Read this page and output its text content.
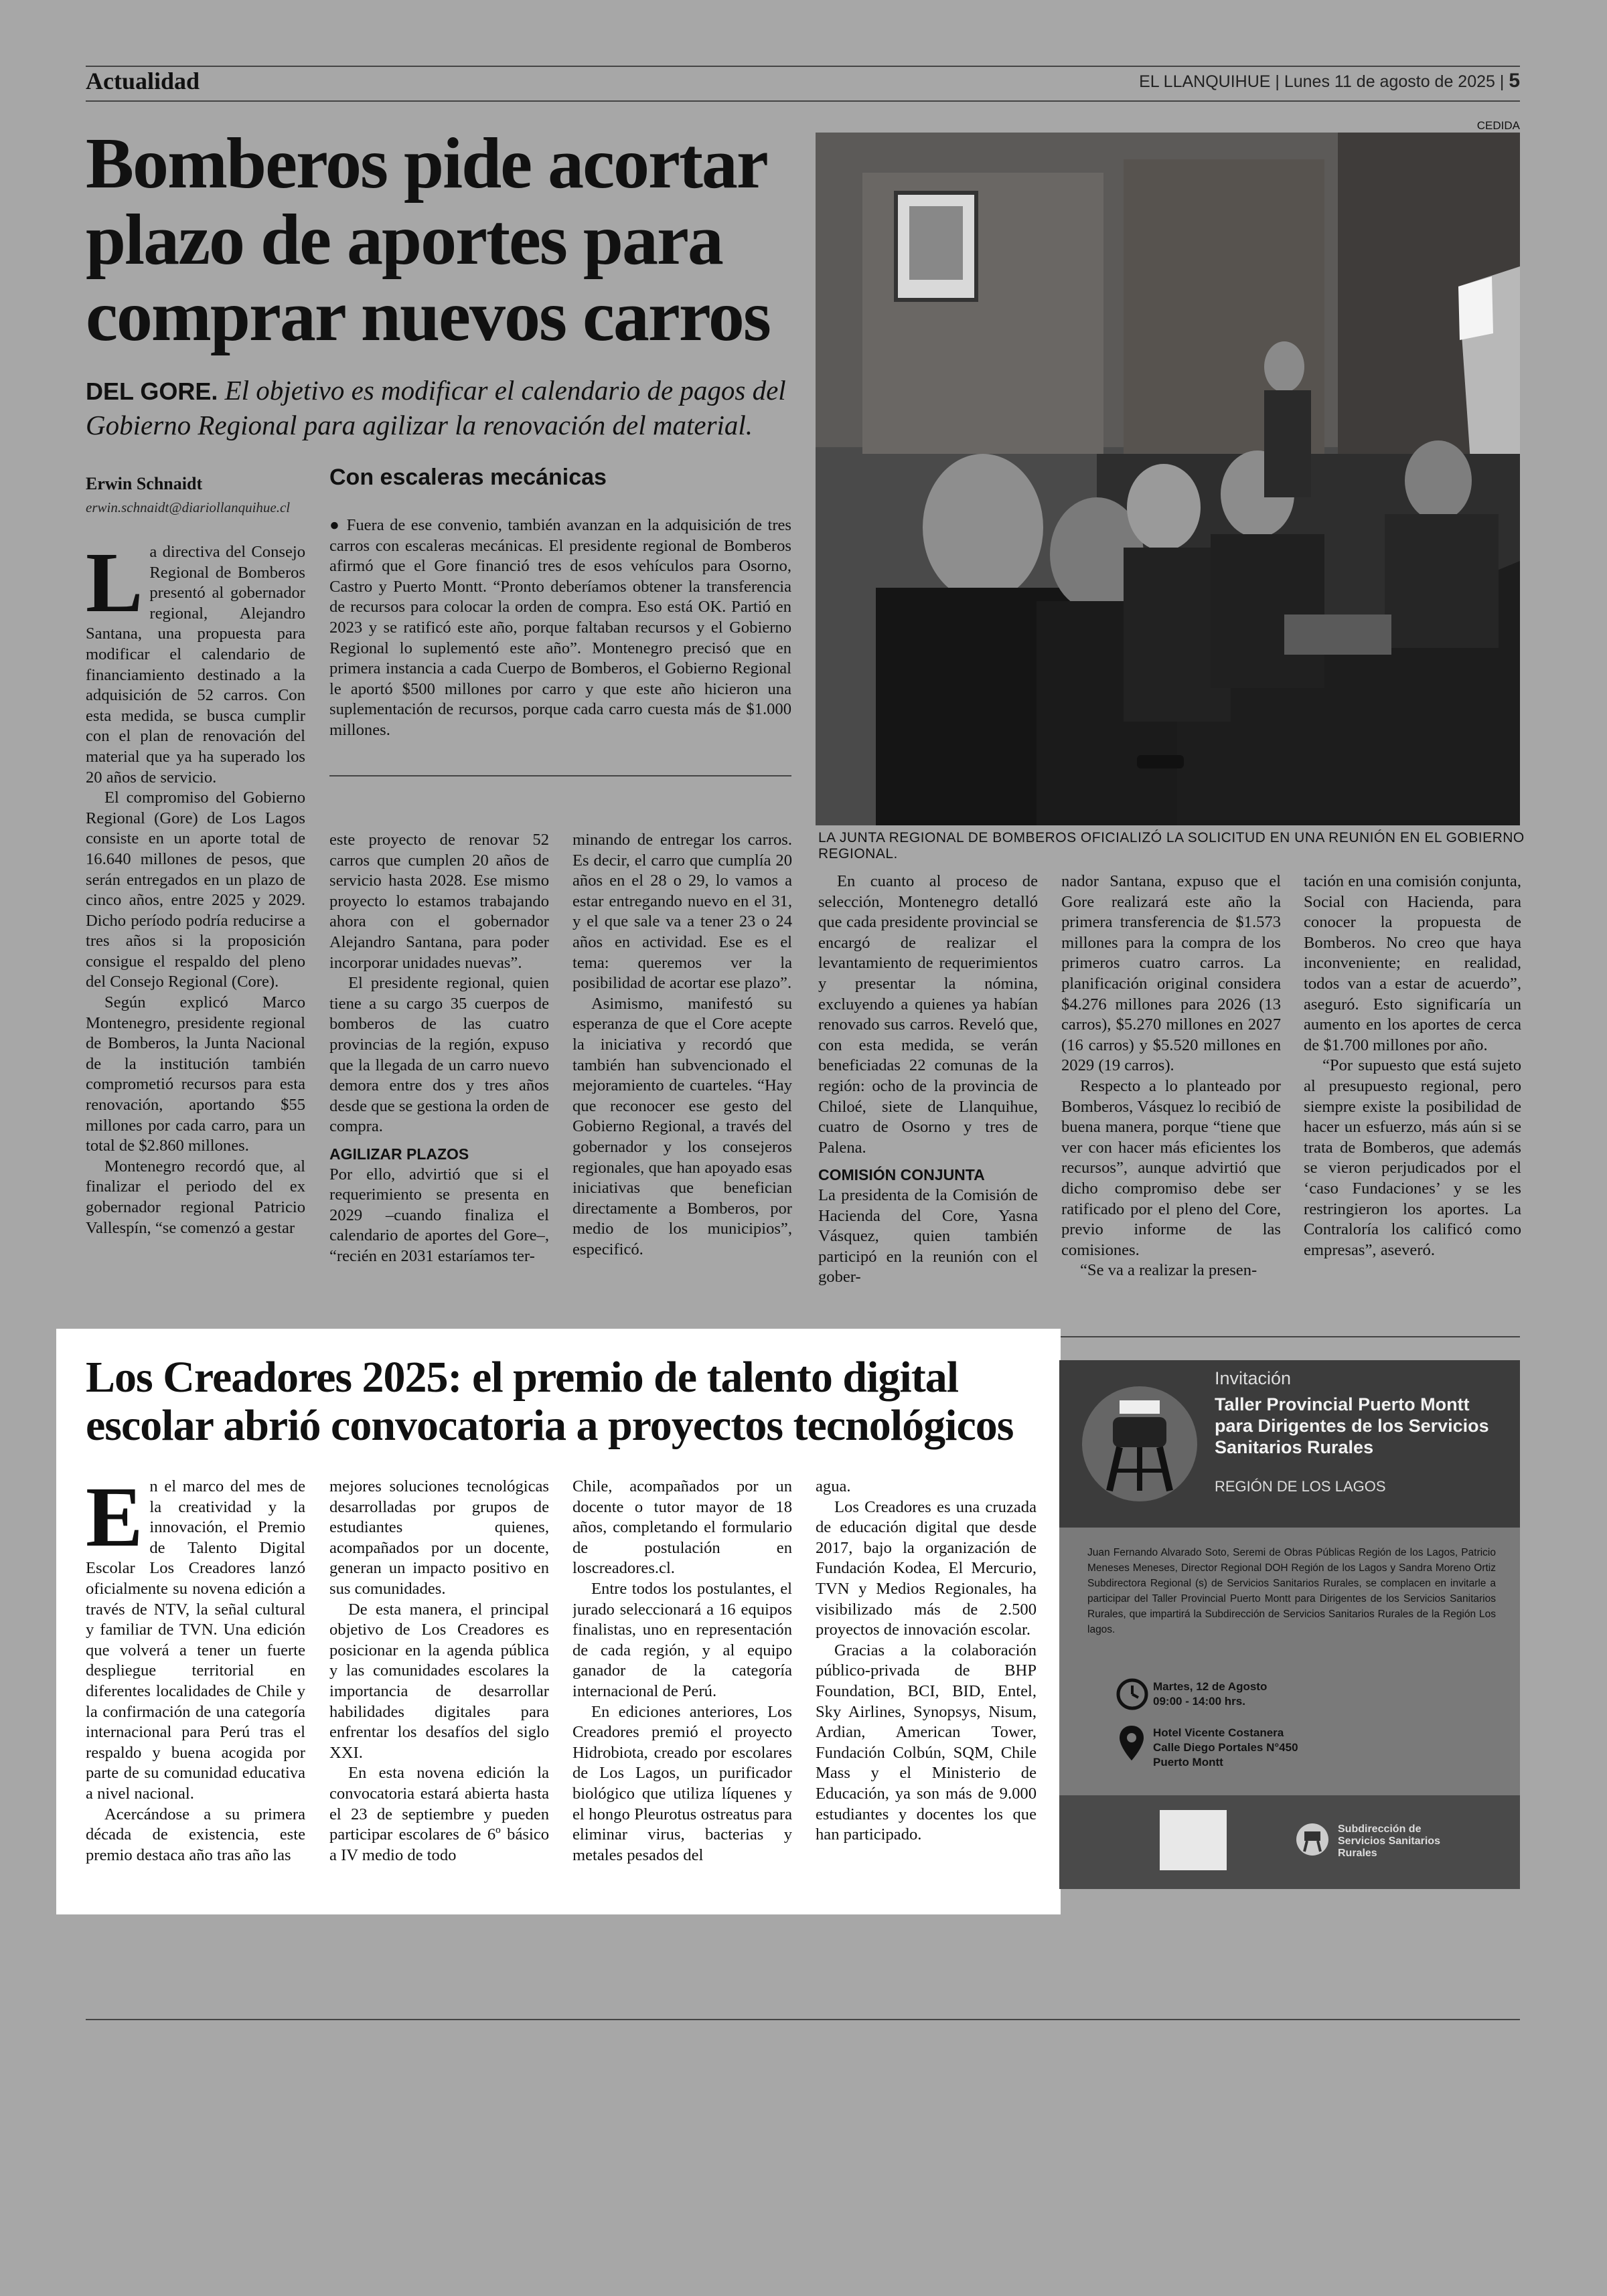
Actualidad	EL LLANQUIHUE | Lunes 11 de agosto de 2025 | 5
Bomberos pide acortar plazo de aportes para comprar nuevos carros
DEL GORE. El objetivo es modificar el calendario de pagos del Gobierno Regional para agilizar la renovación del material.
Erwin Schnaidt
erwin.schnaidt@diariollanquihue.cl
Con escaleras mecánicas

● Fuera de ese convenio, también avanzan en la adquisición de tres carros con escaleras mecánicas. El presidente regional de Bomberos afirmó que el Gore financió tres de esos vehículos para Osorno, Castro y Puerto Montt. “Pronto deberíamos obtener la transferencia de recursos para colocar la orden de compra. Eso está OK. Partió en 2023 y se ratificó este año, porque faltaban recursos y el Gobierno Regional lo suplementó este año”. Montenegro precisó que en primera instancia a cada Cuerpo de Bomberos, el Gobierno Regional le aportó $500 millones por carro y que este año hicieron una suplementación de recursos, porque cada carro cuesta más de $1.000 millones.

CEDIDA
LA JUNTA REGIONAL DE BOMBEROS OFICIALIZÓ LA SOLICITUD EN UNA REUNIÓN EN EL GOBIERNO REGIONAL.

La directiva del Consejo Regional de Bomberos presentó al gobernador regional, Alejandro Santana, una propuesta para modificar el calendario de financiamiento destinado a la adquisición de 52 carros. Con esta medida, se busca cumplir con el plan de renovación del material que ya ha superado los 20 años de servicio.

El compromiso del Gobierno Regional (Gore) de Los Lagos consiste en un aporte total de 16.640 millones de pesos, que serán entregados en un plazo de cinco años, entre 2025 y 2029. Dicho período podría reducirse a tres años si la proposición consigue el respaldo del pleno del Consejo Regional (Core).

Según explicó Marco Montenegro, presidente regional de Bomberos, la Junta Nacional de la institución también comprometió recursos para esta renovación, aportando $55 millones por cada carro, para un total de $2.860 millones.

Montenegro recordó que, al finalizar el periodo del ex gobernador regional Patricio Vallespín, “se comenzó a gestar

este proyecto de renovar 52 carros que cumplen 20 años de servicio hasta 2028. Ese mismo proyecto lo estamos trabajando ahora con el gobernador Alejandro Santana, para poder incorporar unidades nuevas”.

El presidente regional, quien tiene a su cargo 35 cuerpos de bomberos de las cuatro provincias de la región, expuso que la llegada de un carro nuevo demora entre dos y tres años desde que se gestiona la orden de compra.

AGILIZAR PLAZOS

Por ello, advirtió que si el requerimiento se presenta en 2029 –cuando finaliza el calendario de aportes del Gore–, “recién en 2031 estaríamos ter-

minando de entregar los carros. Es decir, el carro que cumplía 20 años en el 28 o 29, lo vamos a estar entregando nuevo en el 31, y el que sale va a tener 23 o 24 años en actividad. Ese es el tema: queremos ver la posibilidad de acortar ese plazo”.

Asimismo, manifestó su esperanza de que el Core acepte la iniciativa y recordó que también han subvencionado el mejoramiento de cuarteles. “Hay que reconocer ese gesto del Gobierno Regional, a través del gobernador y los consejeros regionales, que han apoyado esas iniciativas que benefician directamente a Bomberos, por medio de los municipios”, especificó.

En cuanto al proceso de selección, Montenegro detalló que cada presidente provincial se encargó de realizar el levantamiento de requerimientos y presentar la nómina, excluyendo a quienes ya habían renovado sus carros. Reveló que, con esta medida, se verán beneficiadas 22 comunas de la región: ocho de la provincia de Chiloé, siete de Llanquihue, cuatro de Osorno y tres de Palena.

COMISIÓN CONJUNTA

La presidenta de la Comisión de Hacienda del Core, Yasna Vásquez, quien también participó en la reunión con el gober-

nador Santana, expuso que el Gore realizará este año la primera transferencia de $1.573 millones para la compra de los primeros cuatro carros. La planificación original considera $4.276 millones para 2026 (13 carros), $5.270 millones en 2027 (16 carros) y $5.520 millones en 2029 (19 carros).

Respecto a lo planteado por Bomberos, Vásquez lo recibió de buena manera, porque “tiene que ver con hacer más eficientes los recursos”, aunque advirtió que dicho compromiso debe ser ratificado por el pleno del Core, previo informe de las comisiones.

“Se va a realizar la presen-

tación en una comisión conjunta, Social con Hacienda, para conocer la propuesta de Bomberos. No creo que haya inconveniente; en realidad, todos van a estar de acuerdo”, aseguró. Esto significaría un aumento en los aportes de cerca de $1.700 millones por año.

“Por supuesto que está sujeto al presupuesto regional, pero siempre existe la posibilidad de hacer un esfuerzo, más aún si se trata de Bomberos, que además se vieron perjudicados por el ‘caso Fundaciones’ y se les restringieron los aportes. La Contraloría los calificó como empresas”, aseveró.

Los Creadores 2025: el premio de talento digital escolar abrió convocatoria a proyectos tecnológicos

En el marco del mes de la creatividad y la innovación, el Premio de Talento Digital Escolar Los Creadores lanzó oficialmente su novena edición a través de NTV, la señal cultural y familiar de TVN. Una edición que volverá a tener un fuerte despliegue territorial en diferentes localidades de Chile y la confirmación de una categoría internacional para Perú tras el respaldo y buena acogida por parte de su comunidad educativa a nivel nacional.

Acercándose a su primera década de existencia, este premio destaca año tras año las

mejores soluciones tecnológicas desarrolladas por grupos de estudiantes quienes, acompañados por un docente, generan un impacto positivo en sus comunidades.

De esta manera, el principal objetivo de Los Creadores es posicionar en la agenda pública y las comunidades escolares la importancia de desarrollar habilidades digitales para enfrentar los desafíos del siglo XXI.

En esta novena edición la convocatoria estará abierta hasta el 23 de septiembre y pueden participar escolares de 6º básico a IV medio de todo

Chile, acompañados por un docente o tutor mayor de 18 años, completando el formulario de postulación en loscreadores.cl.

Entre todos los postulantes, el jurado seleccionará a 16 equipos finalistas, uno en representación de cada región, y al equipo ganador de la categoría internacional de Perú.

En ediciones anteriores, Los Creadores premió el proyecto Hidrobiota, creado por escolares de Los Lagos, un purificador biológico que utiliza líquenes y el hongo Pleurotus ostreatus para eliminar virus, bacterias y metales pesados del

agua.

Los Creadores es una cruzada de educación digital que desde 2017, bajo la organización de Fundación Kodea, El Mercurio, TVN y Medios Regionales, ha visibilizado más de 2.500 proyectos de innovación escolar.

Gracias a la colaboración público-privada de BHP Foundation, BCI, BID, Entel, Sky Airlines, Synopsys, Nisum, Ardian, American Tower, Fundación Colbún, SQM, Chile Mass y el Ministerio de Educación, ya son más de 9.000 estudiantes y docentes los que han participado.

Invitación
Taller Provincial Puerto Montt para Dirigentes de los Servicios Sanitarios Rurales
REGIÓN DE LOS LAGOS
Juan Fernando Alvarado Soto, Seremi de Obras Públicas Región de los Lagos, Patricio Meneses Meneses, Director Regional DOH Región de los Lagos y Sandra Moreno Ortiz Subdirectora Regional (s) de Servicios Sanitarios Rurales, se complacen en invitarle a participar del Taller Provincial Puerto Montt para Dirigentes de los Servicios Sanitarios Rurales, que impartirá la Subdirección de Servicios Sanitarios Rurales de la Región Los lagos.
Martes, 12 de Agosto
09:00 - 14:00 hrs.
Hotel Vicente Costanera
Calle Diego Portales N°450
Puerto Montt
Subdirección de Servicios Sanitarios Rurales
